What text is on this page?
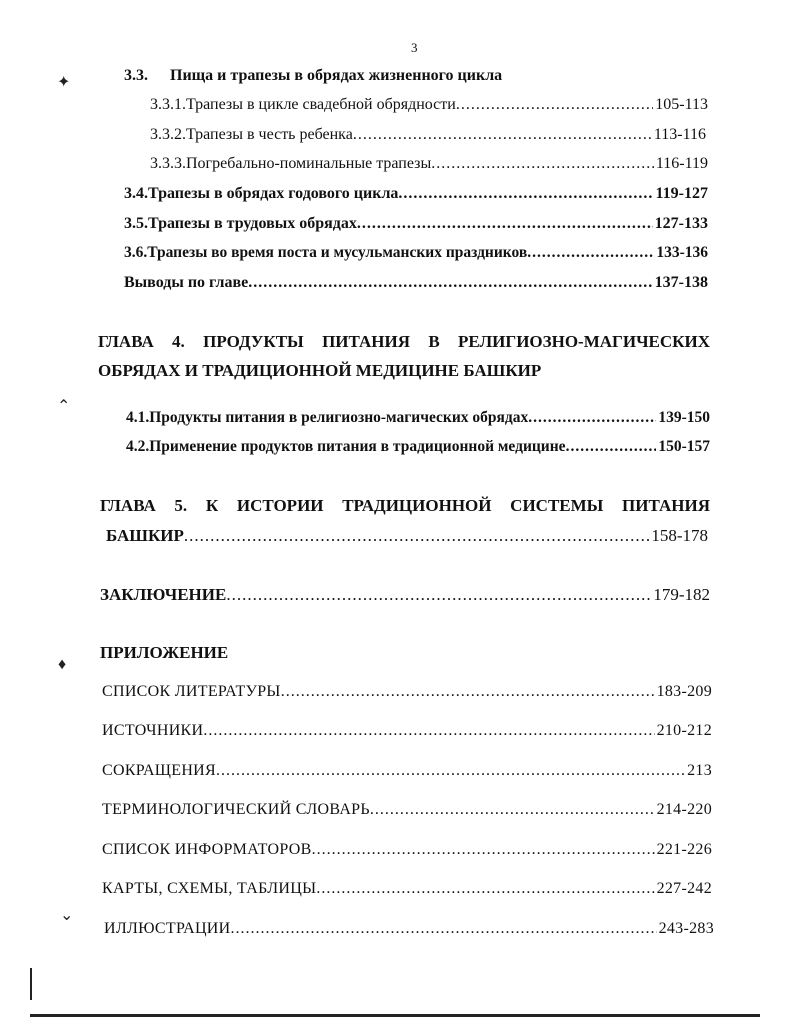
3
✦
⌃
♦
⌄
3.3.	Пища и трапезы в обрядах жизненного цикла
3.3.1. Трапезы в цикле свадебной обрядности .....	105-113
3.3.2. Трапезы в честь ребенка .....	113-116
3.3.3. Погребально-поминальные трапезы .....	116-119
3.4. Трапезы в обрядах годового цикла .....	119-127
3.5. Трапезы в трудовых обрядах .....	127-133
3.6. Трапезы во время поста и мусульманских праздников .....	133-136
Выводы по главе .....	137-138
ГЛАВА 4. ПРОДУКТЫ ПИТАНИЯ В РЕЛИГИОЗНО-МАГИЧЕСКИХ
ОБРЯДАХ И ТРАДИЦИОННОЙ МЕДИЦИНЕ БАШКИР
4.1. Продукты питания в религиозно-магических обрядах .....	139-150
4.2. Применение продуктов питания в традиционной медицине .....	150-157
ГЛАВА 5. К ИСТОРИИ ТРАДИЦИОННОЙ СИСТЕМЫ ПИТАНИЯ
БАШКИР .....	158-178
ЗАКЛЮЧЕНИЕ .....	179-182
ПРИЛОЖЕНИЕ
СПИСОК ЛИТЕРАТУРЫ .....	183-209
ИСТОЧНИКИ .....	210-212
СОКРАЩЕНИЯ .....	213
ТЕРМИНОЛОГИЧЕСКИЙ СЛОВАРЬ .....	214-220
СПИСОК ИНФОРМАТОРОВ .....	221-226
КАРТЫ, СХЕМЫ, ТАБЛИЦЫ .....	227-242
ИЛЛЮСТРАЦИИ .....	243-283
